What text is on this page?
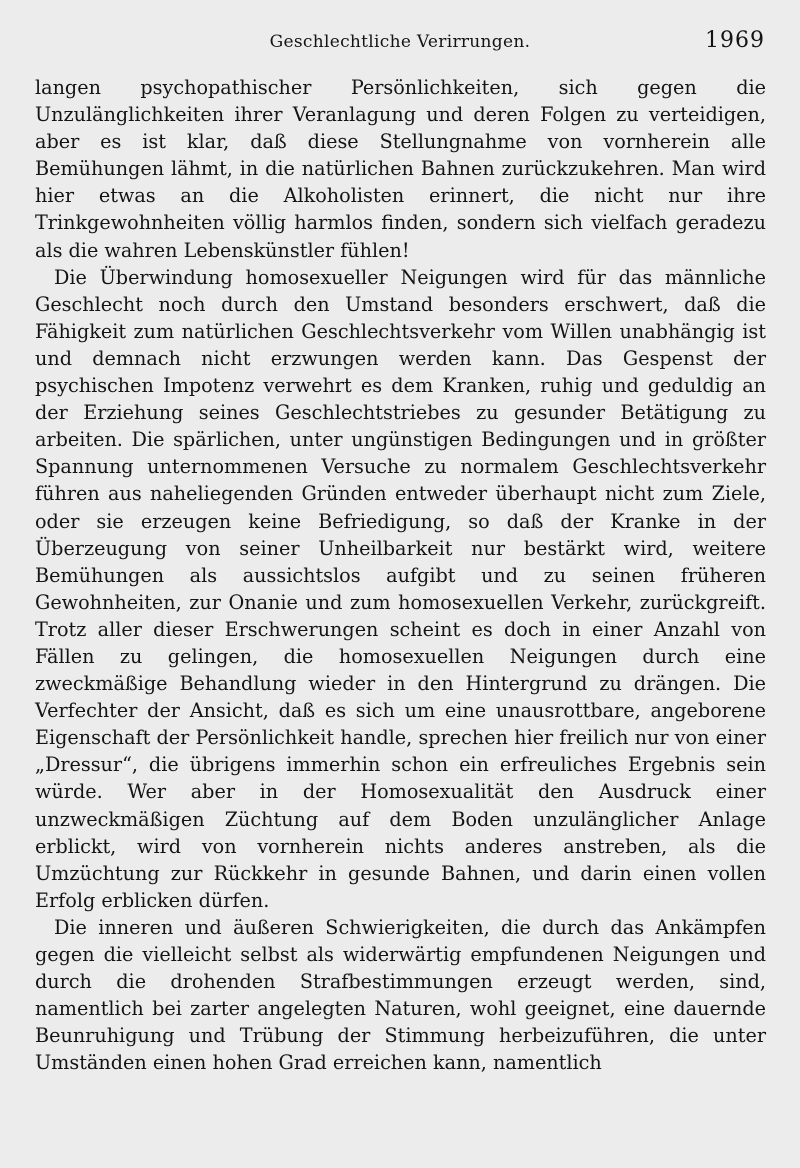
Geschlechtliche Verirrungen.	1969

langen psychopathischer Persönlichkeiten, sich gegen die Unzulänglichkeiten ihrer Veranlagung und deren Folgen zu verteidigen, aber es ist klar, daß diese Stellungnahme von vornherein alle Bemühungen lähmt, in die natürlichen Bahnen zurückzukehren. Man wird hier etwas an die Alkoholisten erinnert, die nicht nur ihre Trinkgewohnheiten völlig harmlos finden, sondern sich vielfach geradezu als die wahren Lebenskünstler fühlen!

Die Überwindung homosexueller Neigungen wird für das männliche Geschlecht noch durch den Umstand besonders erschwert, daß die Fähigkeit zum natürlichen Geschlechtsverkehr vom Willen unabhängig ist und demnach nicht erzwungen werden kann. Das Gespenst der psychischen Impotenz verwehrt es dem Kranken, ruhig und geduldig an der Erziehung seines Geschlechtstriebes zu gesunder Betätigung zu arbeiten. Die spärlichen, unter ungünstigen Bedingungen und in größter Spannung unternommenen Versuche zu normalem Geschlechtsverkehr führen aus naheliegenden Gründen entweder überhaupt nicht zum Ziele, oder sie erzeugen keine Befriedigung, so daß der Kranke in der Überzeugung von seiner Unheilbarkeit nur bestärkt wird, weitere Bemühungen als aussichtslos aufgibt und zu seinen früheren Gewohnheiten, zur Onanie und zum homosexuellen Verkehr, zurückgreift. Trotz aller dieser Erschwerungen scheint es doch in einer Anzahl von Fällen zu gelingen, die homosexuellen Neigungen durch eine zweckmäßige Behandlung wieder in den Hintergrund zu drängen. Die Verfechter der Ansicht, daß es sich um eine unausrottbare, angeborene Eigenschaft der Persönlichkeit handle, sprechen hier freilich nur von einer „Dressur“, die übrigens immerhin schon ein erfreuliches Ergebnis sein würde. Wer aber in der Homosexualität den Ausdruck einer unzweckmäßigen Züchtung auf dem Boden unzulänglicher Anlage erblickt, wird von vornherein nichts anderes anstreben, als die Umzüchtung zur Rückkehr in gesunde Bahnen, und darin einen vollen Erfolg erblicken dürfen.

Die inneren und äußeren Schwierigkeiten, die durch das Ankämpfen gegen die vielleicht selbst als widerwärtig empfundenen Neigungen und durch die drohenden Strafbestimmungen erzeugt werden, sind, namentlich bei zarter angelegten Naturen, wohl geeignet, eine dauernde Beunruhigung und Trübung der Stimmung herbeizuführen, die unter Umständen einen hohen Grad erreichen kann, namentlich
